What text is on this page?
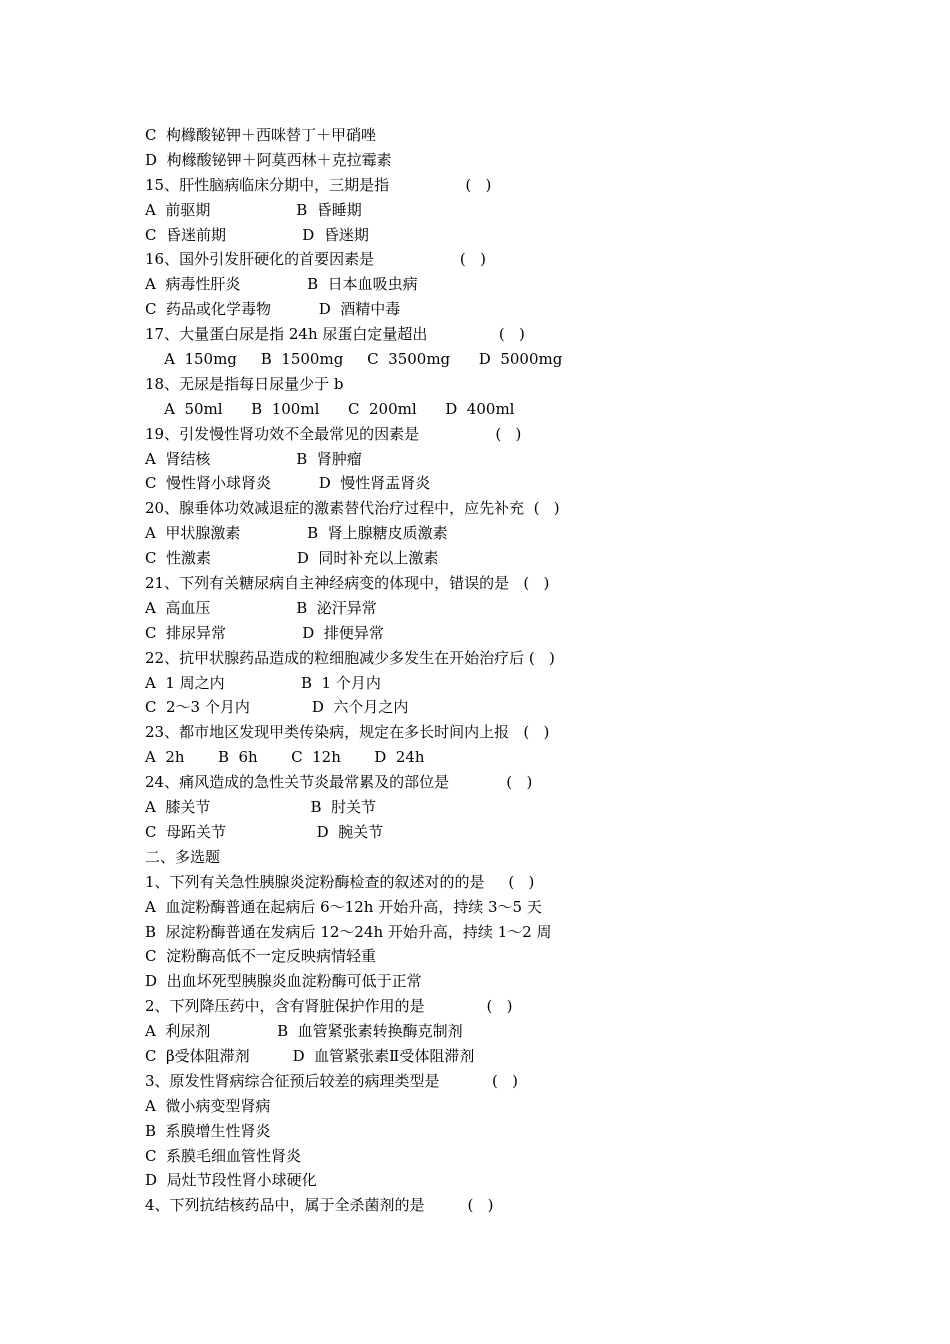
C  枸橼酸铋钾＋西咪替丁＋甲硝唑

D  枸橼酸铋钾＋阿莫西林＋克拉霉素

15、肝性脑病临床分期中，三期是指                (   )

A  前驱期                  B  昏睡期

C  昏迷前期                D  昏迷期

16、国外引发肝硬化的首要因素是                  (   )

A  病毒性肝炎              B  日本血吸虫病

C  药品或化学毒物          D  酒精中毒

17、大量蛋白尿是指 24h 尿蛋白定量超出               (   )

A  150mg     B  1500mg     C  3500mg      D  5000mg

18、无尿是指每日尿量少于 b

A  50ml      B  100ml      C  200ml      D  400ml

19、引发慢性肾功效不全最常见的因素是                (   )

A  肾结核                  B  肾肿瘤

C  慢性肾小球肾炎          D  慢性肾盂肾炎

20、腺垂体功效减退症的激素替代治疗过程中，应先补充  (   )

A  甲状腺激素              B  肾上腺糖皮质激素

C  性激素                  D  同时补充以上激素

21、下列有关糖尿病自主神经病变的体现中，错误的是   (   )

A  高血压                  B  泌汗异常

C  排尿异常                D  排便异常

22、抗甲状腺药品造成的粒细胞减少多发生在开始治疗后 (   )

A  1 周之内                B  1 个月内

C  2～3 个月内             D  六个月之内

23、都市地区发现甲类传染病，规定在多长时间内上报   (   )

A  2h       B  6h       C  12h       D  24h

24、痛风造成的急性关节炎最常累及的部位是            (   )

A  膝关节                     B  肘关节

C  母跖关节                   D  腕关节

二、多选题

1、下列有关急性胰腺炎淀粉酶检查的叙述对的的是     (   )

A  血淀粉酶普通在起病后 6～12h 开始升高，持续 3～5 天

B  尿淀粉酶普通在发病后 12～24h 开始升高，持续 1～2 周

C  淀粉酶高低不一定反映病情轻重

D  出血坏死型胰腺炎血淀粉酶可低于正常

2、下列降压药中，含有肾脏保护作用的是             (   )

A  利尿剂              B  血管紧张素转换酶克制剂

C  β受体阻滞剂         D  血管紧张素Ⅱ受体阻滞剂

3、原发性肾病综合征预后较差的病理类型是           (   )

A  微小病变型肾病

B  系膜增生性肾炎

C  系膜毛细血管性肾炎

D  局灶节段性肾小球硬化

4、下列抗结核药品中，属于全杀菌剂的是         (   )
